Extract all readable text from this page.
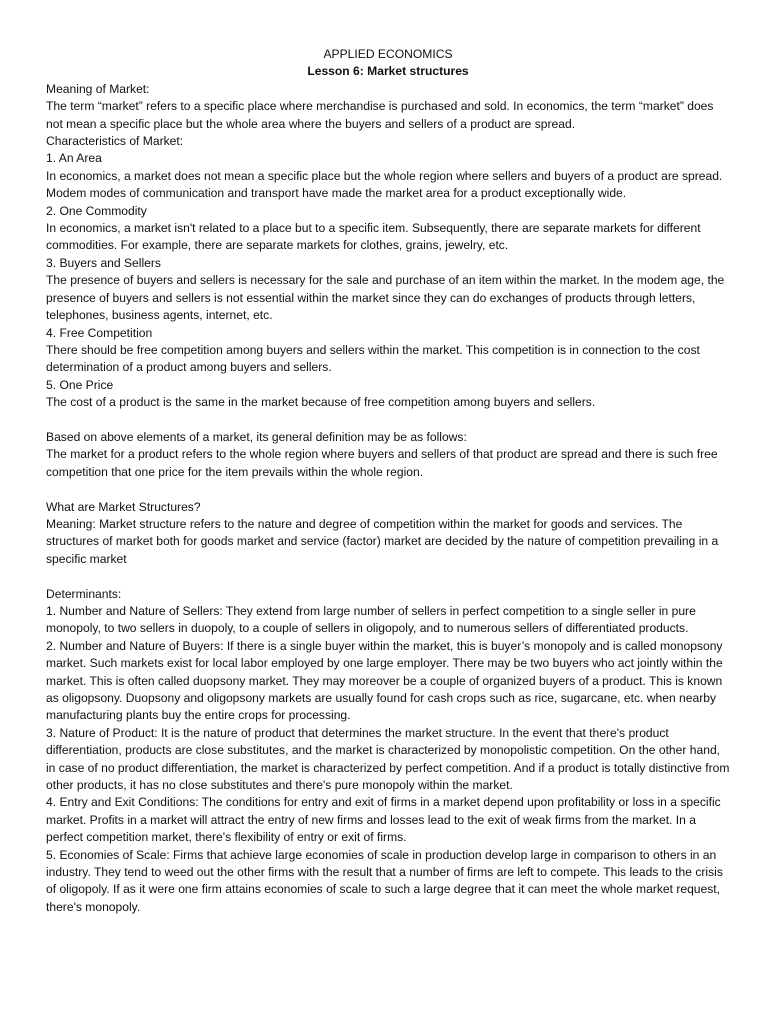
APPLIED ECONOMICS

Lesson 6: Market structures

Meaning of Market:

The term “market” refers to a specific place where merchandise is purchased and sold. In economics, the term “market” does not mean a specific place but the whole area where the buyers and sellers of a product are spread.

Characteristics of Market:

1. An Area

In economics, a market does not mean a specific place but the whole region where sellers and buyers of a product are spread. Modem modes of communication and transport have made the market area for a product exceptionally wide.

2. One Commodity

In economics, a market isn't related to a place but to a specific item. Subsequently, there are separate markets for different commodities. For example, there are separate markets for clothes, grains, jewelry, etc.

3. Buyers and Sellers

The presence of buyers and sellers is necessary for the sale and purchase of an item within the market. In the modem age, the presence of buyers and sellers is not essential within the market since they can do exchanges of products through letters, telephones, business agents, internet, etc.

4. Free Competition

There should be free competition among buyers and sellers within the market. This competition is in connection to the cost determination of a product among buyers and sellers.

5. One Price

The cost of a product is the same in the market because of free competition among buyers and sellers.

Based on above elements of a market, its general definition may be as follows:

The market for a product refers to the whole region where buyers and sellers of that product are spread and there is such free competition that one price for the item prevails within the whole region.

What are Market Structures?

Meaning: Market structure refers to the nature and degree of competition within the market for goods and services. The structures of market both for goods market and service (factor) market are decided by the nature of competition prevailing in a specific market

Determinants:

1. Number and Nature of Sellers: They extend from large number of sellers in perfect competition to a single seller in pure monopoly, to two sellers in duopoly, to a couple of sellers in oligopoly, and to numerous sellers of differentiated products.

2. Number and Nature of Buyers: If there is a single buyer within the market, this is buyer’s monopoly and is called monopsony market. Such markets exist for local labor employed by one large employer. There may be two buyers who act jointly within the market. This is often called duopsony market. They may moreover be a couple of organized buyers of a product. This is known as oligopsony. Duopsony and oligopsony markets are usually found for cash crops such as rice, sugarcane, etc. when nearby manufacturing plants buy the entire crops for processing.

3. Nature of Product: It is the nature of product that determines the market structure. In the event that there's product differentiation, products are close substitutes, and the market is characterized by monopolistic competition. On the other hand, in case of no product differentiation, the market is characterized by perfect competition. And if a product is totally distinctive from other products, it has no close substitutes and there's pure monopoly within the market.

4. Entry and Exit Conditions: The conditions for entry and exit of firms in a market depend upon profitability or loss in a specific market. Profits in a market will attract the entry of new firms and losses lead to the exit of weak firms from the market. In a perfect competition market, there's flexibility of entry or exit of firms.

5. Economies of Scale: Firms that achieve large economies of scale in production develop large in comparison to others in an industry. They tend to weed out the other firms with the result that a number of firms are left to compete. This leads to the crisis of oligopoly. If as it were one firm attains economies of scale to such a large degree that it can meet the whole market request, there's monopoly.
